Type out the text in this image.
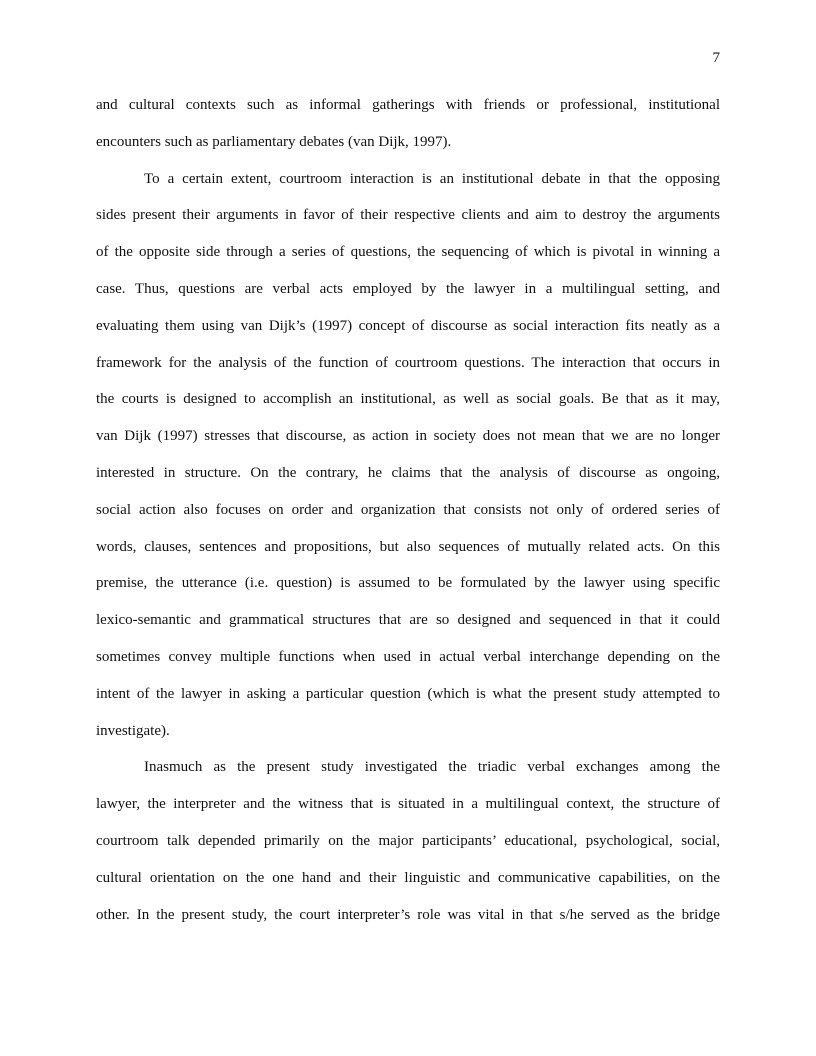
7
and cultural contexts such as informal gatherings with friends or professional, institutional
encounters such as parliamentary debates (van Dijk, 1997).
To a certain extent, courtroom interaction is an institutional debate in that the opposing
sides present their arguments in favor of their respective clients and aim to destroy the arguments
of the opposite side through a series of questions, the sequencing of which is pivotal in winning a
case. Thus, questions are verbal acts employed by the lawyer in a multilingual setting, and
evaluating them using van Dijk’s (1997) concept of discourse as social interaction fits neatly as a
framework for the analysis of the function of courtroom questions. The interaction that occurs in
the courts is designed to accomplish an institutional, as well as social goals. Be that as it may,
van Dijk (1997) stresses that discourse, as action in society does not mean that we are no longer
interested in structure. On the contrary, he claims that the analysis of discourse as ongoing,
social action also focuses on order and organization that consists not only of ordered series of
words, clauses, sentences and propositions, but also sequences of mutually related acts. On this
premise, the utterance (i.e. question) is assumed to be formulated by the lawyer using specific
lexico-semantic and grammatical structures that are so designed and sequenced in that it could
sometimes convey multiple functions when used in actual verbal interchange depending on the
intent of the lawyer in asking a particular question (which is what the present study attempted to
investigate).
Inasmuch as the present study investigated the triadic verbal exchanges among the
lawyer, the interpreter and the witness that is situated in a multilingual context, the structure of
courtroom talk depended primarily on the major participants’ educational, psychological, social,
cultural orientation on the one hand and their linguistic and communicative capabilities, on the
other. In the present study, the court interpreter’s role was vital in that s/he served as the bridge
